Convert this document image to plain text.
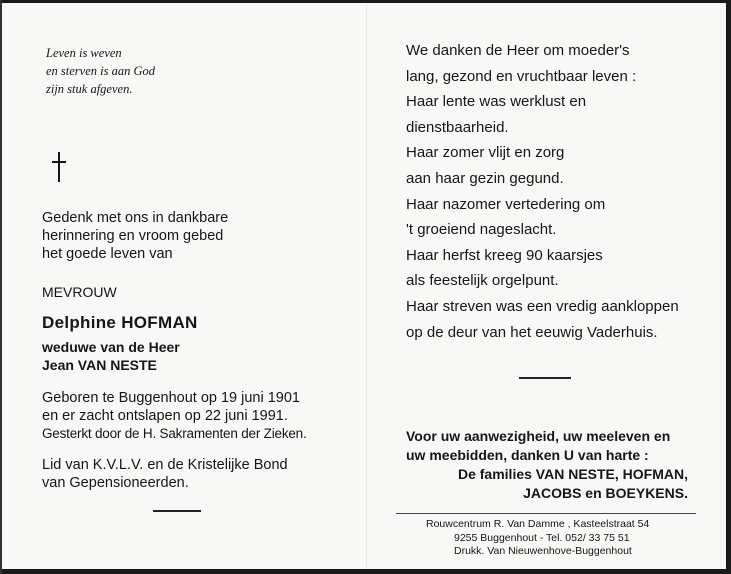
Leven is weven
en sterven is aan God
zijn stuk afgeven.
Gedenk met ons in dankbare
herinnering en vroom gebed
het goede leven van
MEVROUW
Delphine HOFMAN
weduwe van de Heer
Jean VAN NESTE
Geboren te Buggenhout op 19 juni 1901
en er zacht ontslapen op 22 juni 1991.
Gesterkt door de H. Sakramenten der Zieken.
Lid van K.V.L.V. en de Kristelijke Bond
van Gepensioneerden.
We danken de Heer om moeder's
lang, gezond en vruchtbaar leven :
Haar lente was werklust en
dienstbaarheid.
Haar zomer vlijt en zorg
aan haar gezin gegund.
Haar nazomer vertedering om
't groeiend nageslacht.
Haar herfst kreeg 90 kaarsjes
als feestelijk orgelpunt.
Haar streven was een vredig aankloppen
op de deur van het eeuwig Vaderhuis.
Voor uw aanwezigheid, uw meeleven en
uw meebidden, danken U van harte :
De families VAN NESTE, HOFMAN,
JACOBS en BOEYKENS.
Rouwcentrum R. Van Damme , Kasteelstraat 54
9255 Buggenhout - Tel. 052/ 33 75 51
Drukk. Van Nieuwenhove-Buggenhout
